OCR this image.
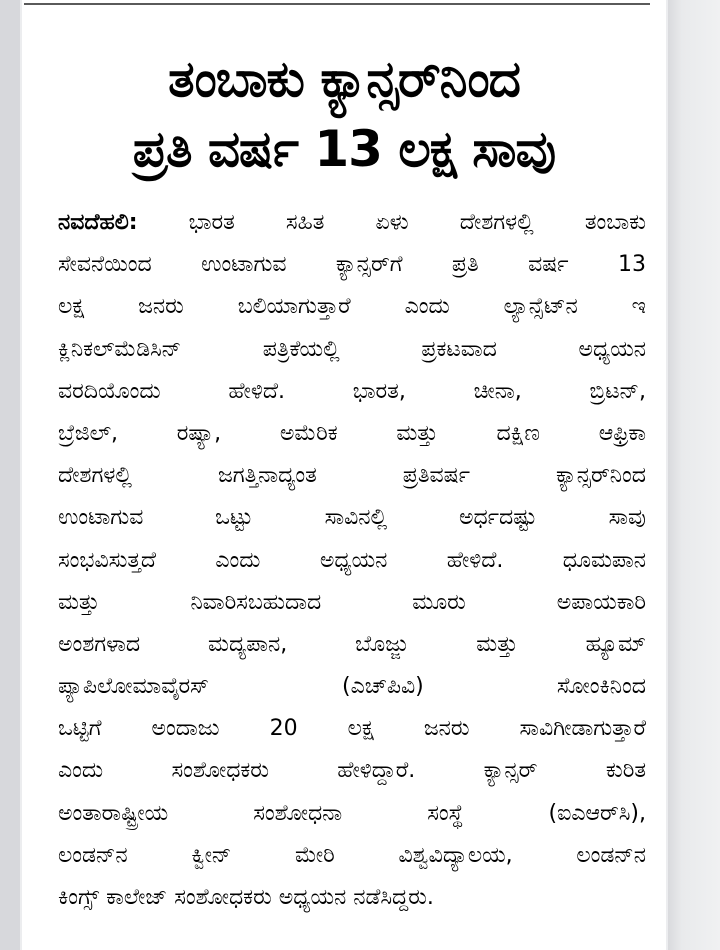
ತಂಬಾಕು ಕ್ಯಾನ್ಸರ್‌ನಿಂದ
ಪ್ರತಿ ವರ್ಷ 13 ಲಕ್ಷ ಸಾವು
ನವದೆಹಲಿ: ಭಾರತ ಸಹಿತ ಏಳು ದೇಶಗಳಲ್ಲಿ ತಂಬಾಕು
ಸೇವನೆಯಿಂದ ಉಂಟಾಗುವ ಕ್ಯಾನ್ಸರ್‌ಗೆ ಪ್ರತಿ ವರ್ಷ 13
ಲಕ್ಷ ಜನರು ಬಲಿಯಾಗುತ್ತಾರೆ ಎಂದು ಲ್ಯಾನ್ಸೆಟ್‌ನ ಇ
ಕ್ಲಿನಿಕಲ್‌ಮೆಡಿಸಿನ್ ಪತ್ರಿಕೆಯಲ್ಲಿ ಪ್ರಕಟವಾದ ಅಧ್ಯಯನ
ವರದಿಯೊಂದು ಹೇಳಿದೆ. ಭಾರತ, ಚೀನಾ, ಬ್ರಿಟನ್,
ಬ್ರೆಜಿಲ್, ರಷ್ಯಾ, ಅಮೆರಿಕ ಮತ್ತು ದಕ್ಷಿಣ ಆಫ್ರಿಕಾ
ದೇಶಗಳಲ್ಲಿ ಜಗತ್ತಿನಾದ್ಯಂತ ಪ್ರತಿವರ್ಷ ಕ್ಯಾನ್ಸರ್‌ನಿಂದ
ಉಂಟಾಗುವ ಒಟ್ಟು ಸಾವಿನಲ್ಲಿ ಅರ್ಧದಷ್ಟು ಸಾವು
ಸಂಭವಿಸುತ್ತದೆ ಎಂದು ಅಧ್ಯಯನ ಹೇಳಿದೆ. ಧೂಮಪಾನ
ಮತ್ತು ನಿವಾರಿಸಬಹುದಾದ ಮೂರು ಅಪಾಯಕಾರಿ
ಅಂಶಗಳಾದ ಮದ್ಯಪಾನ, ಬೊಜ್ಜು ಮತ್ತು ಹ್ಯೂಮ್
ಪ್ಯಾಪಿಲೋಮಾವೈರಸ್ (ಎಚ್‌ಪಿವಿ) ಸೋಂಕಿನಿಂದ
ಒಟ್ಟಿಗೆ ಅಂದಾಜು 20 ಲಕ್ಷ ಜನರು ಸಾವಿಗೀಡಾಗುತ್ತಾರೆ
ಎಂದು ಸಂಶೋಧಕರು ಹೇಳಿದ್ದಾರೆ. ಕ್ಯಾನ್ಸರ್ ಕುರಿತ
ಅಂತಾರಾಷ್ಟ್ರೀಯ ಸಂಶೋಧನಾ ಸಂಸ್ಥೆ (ಐಎಆರ್‌ಸಿ),
ಲಂಡನ್‌ನ ಕ್ವೀನ್ ಮೇರಿ ವಿಶ್ವವಿದ್ಯಾಲಯ, ಲಂಡನ್‌ನ
ಕಿಂಗ್ಸ್ ಕಾಲೇಜ್ ಸಂಶೋಧಕರು ಅಧ್ಯಯನ ನಡೆಸಿದ್ದರು.
